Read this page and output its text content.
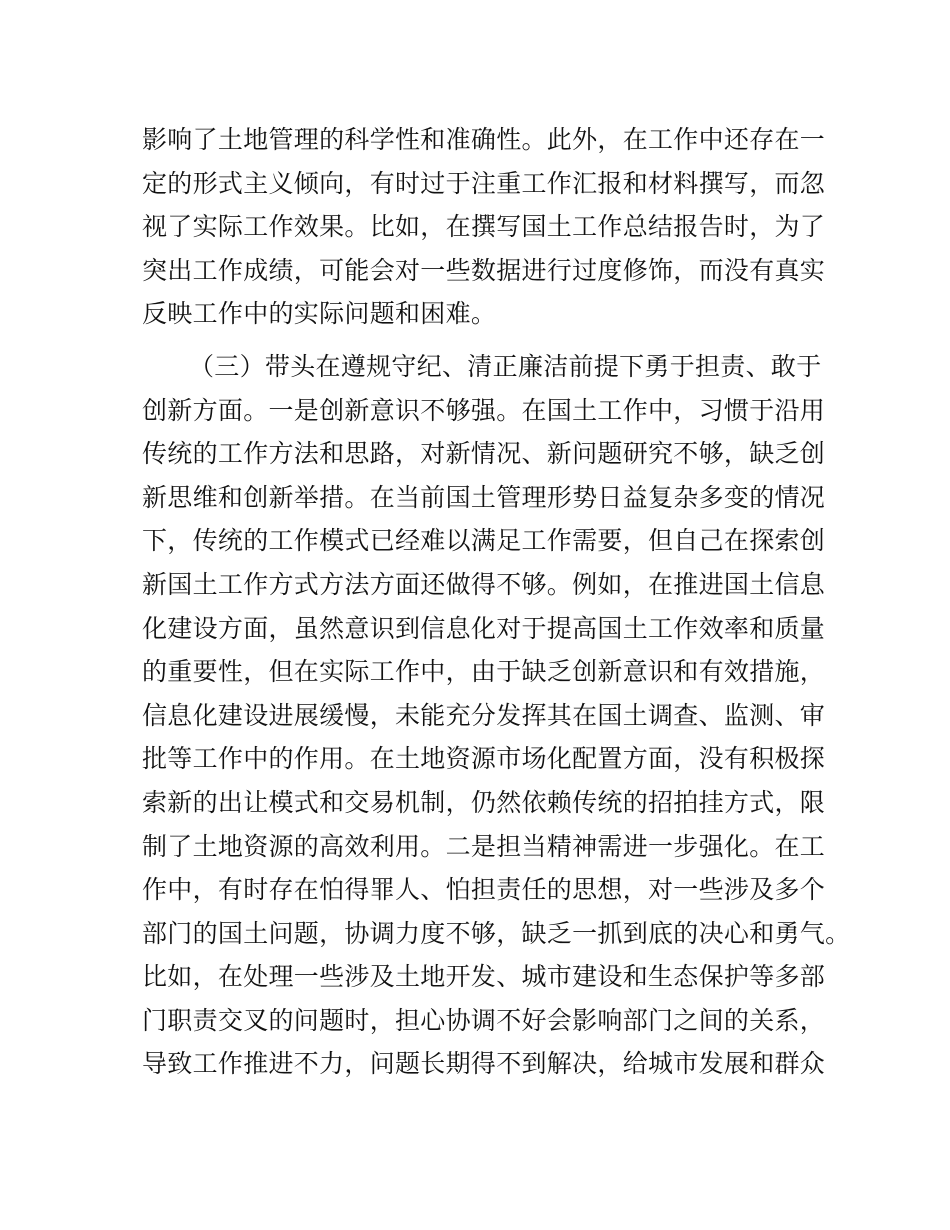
影响了土地管理的科学性和准确性。此外，在工作中还存在一
定的形式主义倾向，有时过于注重工作汇报和材料撰写，而忽
视了实际工作效果。比如，在撰写国土工作总结报告时，为了
突出工作成绩，可能会对一些数据进行过度修饰，而没有真实
反映工作中的实际问题和困难。
（三）带头在遵规守纪、清正廉洁前提下勇于担责、敢于
创新方面。一是创新意识不够强。在国土工作中，习惯于沿用
传统的工作方法和思路，对新情况、新问题研究不够，缺乏创
新思维和创新举措。在当前国土管理形势日益复杂多变的情况
下，传统的工作模式已经难以满足工作需要，但自己在探索创
新国土工作方式方法方面还做得不够。例如，在推进国土信息
化建设方面，虽然意识到信息化对于提高国土工作效率和质量
的重要性，但在实际工作中，由于缺乏创新意识和有效措施，
信息化建设进展缓慢，未能充分发挥其在国土调查、监测、审
批等工作中的作用。在土地资源市场化配置方面，没有积极探
索新的出让模式和交易机制，仍然依赖传统的招拍挂方式，限
制了土地资源的高效利用。二是担当精神需进一步强化。在工
作中，有时存在怕得罪人、怕担责任的思想，对一些涉及多个
部门的国土问题，协调力度不够，缺乏一抓到底的决心和勇气。
比如，在处理一些涉及土地开发、城市建设和生态保护等多部
门职责交叉的问题时，担心协调不好会影响部门之间的关系，
导致工作推进不力，问题长期得不到解决，给城市发展和群众
